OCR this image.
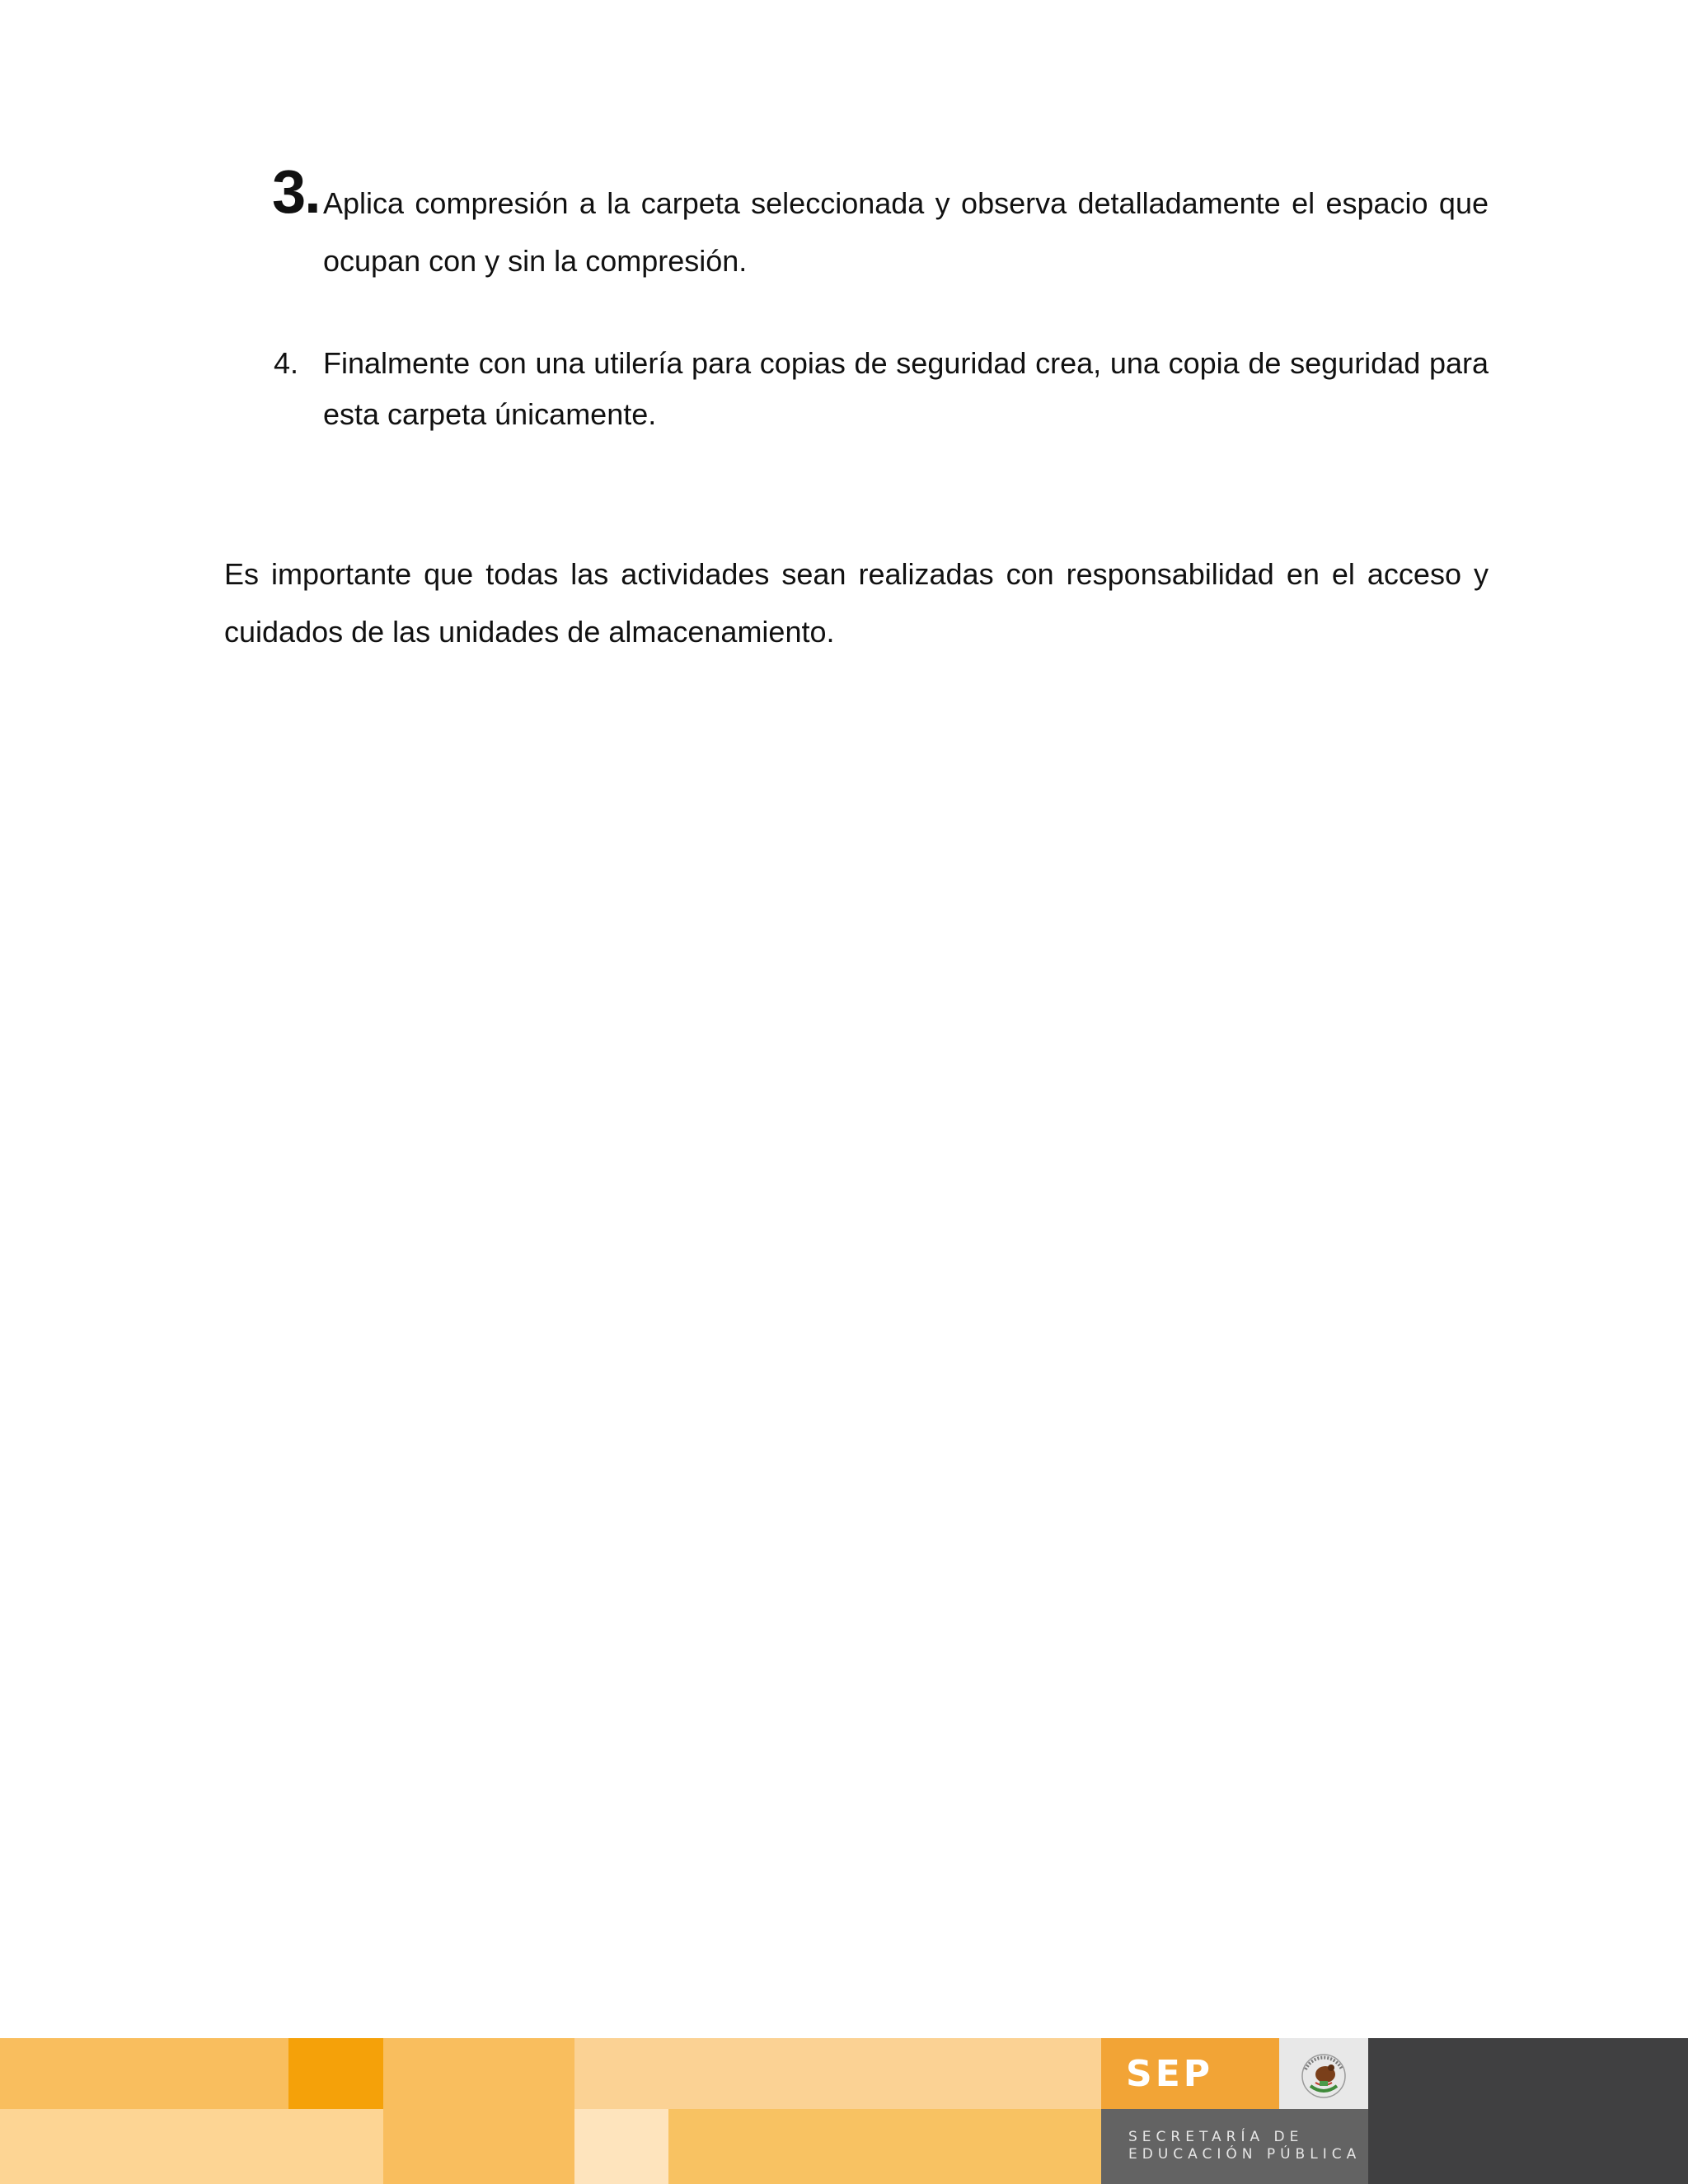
3. Aplica compresión a la carpeta seleccionada y observa detalladamente el espacio que ocupan con y sin la compresión.
4. Finalmente con una utilería para copias de seguridad crea, una copia de seguridad para esta carpeta únicamente.
Es importante que todas las actividades sean realizadas con responsabilidad en el acceso y cuidados de las unidades de almacenamiento.
SEP
SECRETARÍA DE
EDUCACIÓN PÚBLICA
